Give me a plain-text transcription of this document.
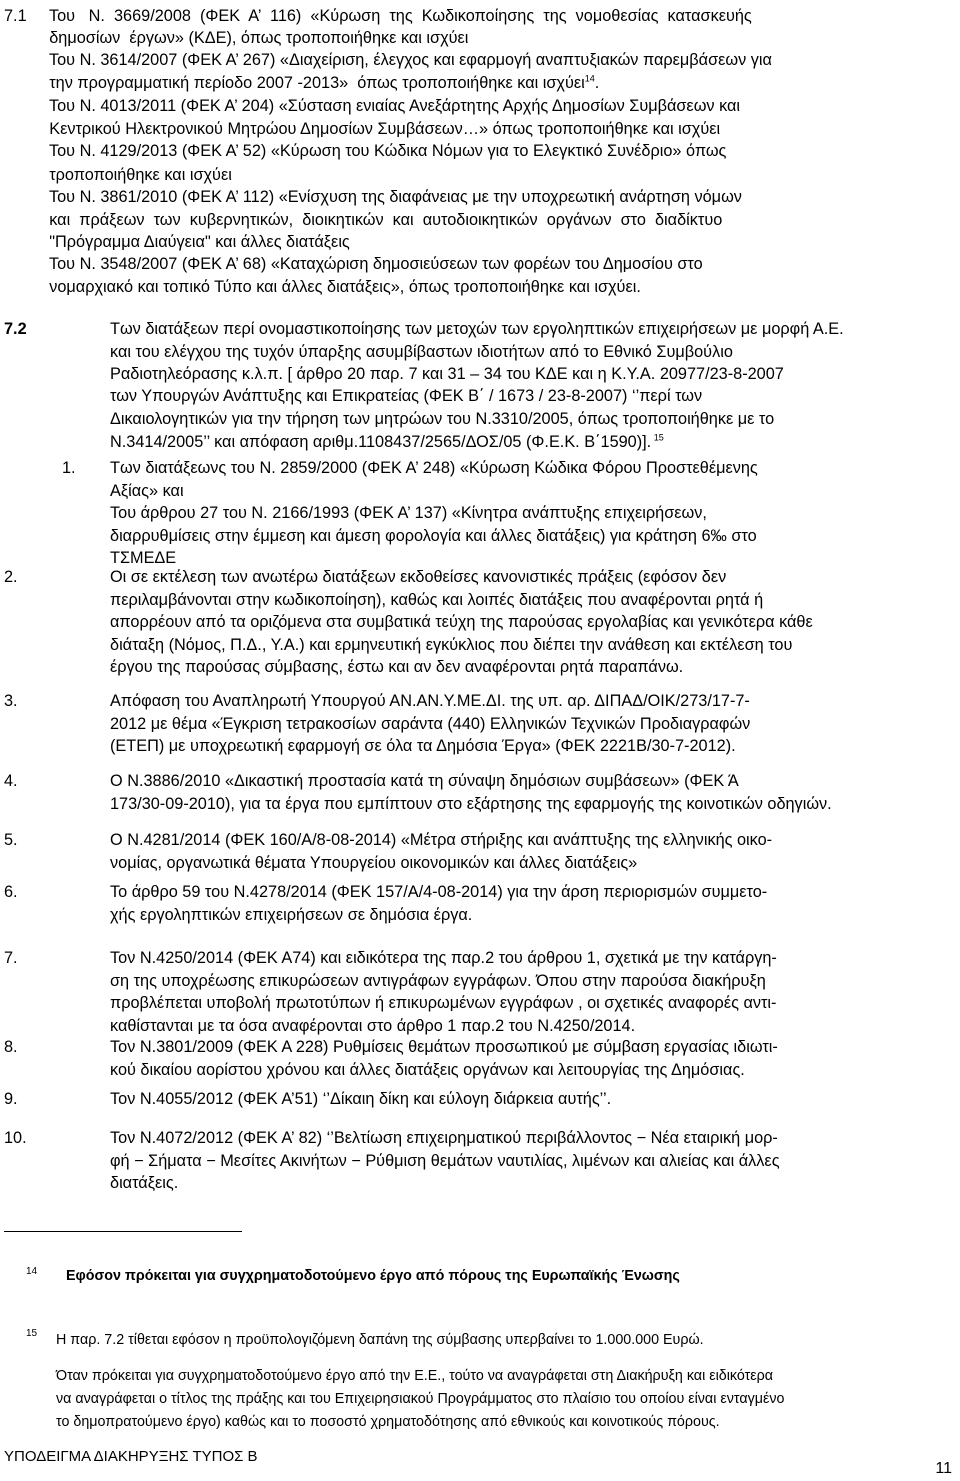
7.1     Του   Ν.  3669/2008  (ΦΕΚ  Α’  116)  «Κύρωση  της  Κωδικοποίησης  της  νομοθεσίας  κατασκευής
δημοσίων  έργων» (ΚΔΕ), όπως τροποποιήθηκε και ισχύει
Του Ν. 3614/2007 (ΦΕΚ Α’ 267) «Διαχείριση, έλεγχος και εφαρμογή αναπτυξιακών παρεμβάσεων για
την προγραμματική περίοδο 2007 -2013»  όπως τροποποιήθηκε και ισχύει$^{14}$.
Του Ν. 4013/2011 (ΦΕΚ Α’ 204) «Σύσταση ενιαίας Ανεξάρτητης Αρχής Δημοσίων Συμβάσεων και
Κεντρικού Ηλεκτρονικού Μητρώου Δημοσίων Συμβάσεων…» όπως τροποποιήθηκε και ισχύει
Του Ν. 4129/2013 (ΦΕΚ Α’ 52) «Κύρωση του Κώδικα Νόμων για το Ελεγκτικό Συνέδριο» όπως
τροποποιήθηκε και ισχύει
Του Ν. 3861/2010 (ΦΕΚ Α’ 112) «Ενίσχυση της διαφάνειας με την υποχρεωτική ανάρτηση νόμων
και  πράξεων  των  κυβερνητικών,  διοικητικών  και  αυτοδιοικητικών  οργάνων  στο  διαδίκτυο
"Πρόγραμμα Διαύγεια" και άλλες διατάξεις
Του Ν. 3548/2007 (ΦΕΚ Α’ 68) «Καταχώριση δημοσιεύσεων των φορέων του Δημοσίου στο
νομαρχιακό και τοπικό Τύπο και άλλες διατάξεις», όπως τροποποιήθηκε και ισχύει.
7.2	Των διατάξεων περί ονομαστικοποίησης των μετοχών των εργοληπτικών επιχειρήσεων με μορφή Α.Ε.
και του ελέγχου της τυχόν ύπαρξης ασυμβίβαστων ιδιοτήτων από το Εθνικό Συμβούλιο
Ραδιοτηλεόρασης κ.λ.π. [ άρθρο 20 παρ. 7 και 31 – 34 του ΚΔΕ και η Κ.Υ.Α. 20977/23-8-2007
των Υπουργών Ανάπτυξης και Επικρατείας (ΦΕΚ Β΄ / 1673 / 23-8-2007) ‘’περί των
Δικαιολογητικών για την τήρηση των μητρώων του Ν.3310/2005, όπως τροποποιήθηκε με το
Ν.3414/2005’’ και απόφαση αριθμ.1108437/2565/ΔΟΣ/05 (Φ.Ε.Κ. Β΄1590)]. $^{15}$
1. Των διατάξεωνς του Ν. 2859/2000 (ΦΕΚ Α’ 248) «Κύρωση Κώδικα Φόρου Προστεθέμενης
Αξίας» και
Του άρθρου 27 του Ν. 2166/1993 (ΦΕΚ Α’ 137) «Κίνητρα ανάπτυξης επιχειρήσεων,
διαρρυθμίσεις στην έμμεση και άμεση φορολογία και άλλες διατάξεις) για κράτηση 6‰ στο
ΤΣΜΕΔΕ
2.	Οι σε εκτέλεση των ανωτέρω διατάξεων εκδοθείσες κανονιστικές πράξεις (εφόσον δεν
περιλαμβάνονται στην κωδικοποίηση), καθώς και λοιπές διατάξεις που αναφέρονται ρητά ή
απορρέουν από τα οριζόμενα στα συμβατικά τεύχη της παρούσας εργολαβίας και γενικότερα κάθε
διάταξη (Νόμος, Π.Δ., Υ.Α.) και ερμηνευτική εγκύκλιος που διέπει την ανάθεση και εκτέλεση του
έργου της παρούσας σύμβασης, έστω και αν δεν αναφέρονται ρητά παραπάνω.
3.	Απόφαση του Αναπληρωτή Υπουργού ΑΝ.ΑΝ.Υ.ΜΕ.ΔΙ. της υπ. αρ. ΔΙΠΑΔ/ΟΙΚ/273/17-7-
2012 με θέμα «Έγκριση τετρακοσίων σαράντα (440) Ελληνικών Τεχνικών Προδιαγραφών
(ΕΤΕΠ) με υποχρεωτική εφαρμογή σε όλα τα Δημόσια Έργα» (ΦΕΚ 2221Β/30-7-2012).
4.	Ο Ν.3886/2010 «Δικαστική προστασία κατά τη σύναψη δημόσιων συμβάσεων» (ΦΕΚ Ά
173/30-09-2010), για τα έργα που εμπίπτουν στο εξάρτησης της εφαρμογής της κοινοτικών οδηγιών.
5.	Ο Ν.4281/2014 (ΦΕΚ 160/Α/8-08-2014) «Μέτρα στήριξης και ανάπτυξης της ελληνικής οικο-
νομίας, οργανωτικά θέματα Υπουργείου οικονομικών και άλλες διατάξεις»
6.	Το άρθρο 59 του Ν.4278/2014 (ΦΕΚ 157/Α/4-08-2014) για την άρση περιορισμών συμμετο-
χής εργοληπτικών επιχειρήσεων σε δημόσια έργα.
7.	Τον Ν.4250/2014 (ΦΕΚ Α74) και ειδικότερα της παρ.2 του άρθρου 1, σχετικά με την κατάργη-
ση της υποχρέωσης επικυρώσεων αντιγράφων εγγράφων. Όπου στην παρούσα διακήρυξη
προβλέπεται υποβολή πρωτοτύπων ή επικυρωμένων εγγράφων , οι σχετικές αναφορές αντι-
καθίστανται με τα όσα αναφέρονται στο άρθρο 1 παρ.2 του Ν.4250/2014.
8.	Τον Ν.3801/2009 (ΦΕΚ Α 228) Ρυθμίσεις θεμάτων προσωπικού με σύμβαση εργασίας ιδιωτι-
κού δικαίου αορίστου χρόνου και άλλες διατάξεις οργάνων και λειτουργίας της Δημόσιας.
9.	Τον Ν.4055/2012 (ΦΕΚ Α’51) ‘’Δίκαιη δίκη και εύλογη διάρκεια αυτής’’.
10.	Τον Ν.4072/2012 (ΦΕΚ Α’ 82) ‘’Βελτίωση επιχειρηματικού περιβάλλοντος − Νέα εταιρική μορ-
φή − Σήματα − Μεσίτες Ακινήτων − Ρύθμιση θεμάτων ναυτιλίας, λιμένων και αλιείας και άλλες
διατάξεις.
14 Εφόσον πρόκειται για συγχρηματοδοτούμενο έργο από πόρους της Ευρωπαϊκής Ένωσης
15 Η παρ. 7.2 τίθεται εφόσον η προϋπολογιζόμενη δαπάνη της σύμβασης υπερβαίνει το 1.000.000 Ευρώ.
Όταν πρόκειται για συγχρηματοδοτούμενο έργο από την Ε.Ε., τούτο να αναγράφεται στη Διακήρυξη και ειδικότερα
να αναγράφεται ο τίτλος της πράξης και του Επιχειρησιακού Προγράμματος στο πλαίσιο του οποίου είναι ενταγμένο
το δημοπρατούμενο έργο) καθώς και το ποσοστό χρηματοδότησης από εθνικούς και κοινοτικούς πόρους.
ΥΠΟΔΕΙΓΜΑ ΔΙΑΚΗΡΥΞΗΣ ΤΥΠΟΣ Β
11
